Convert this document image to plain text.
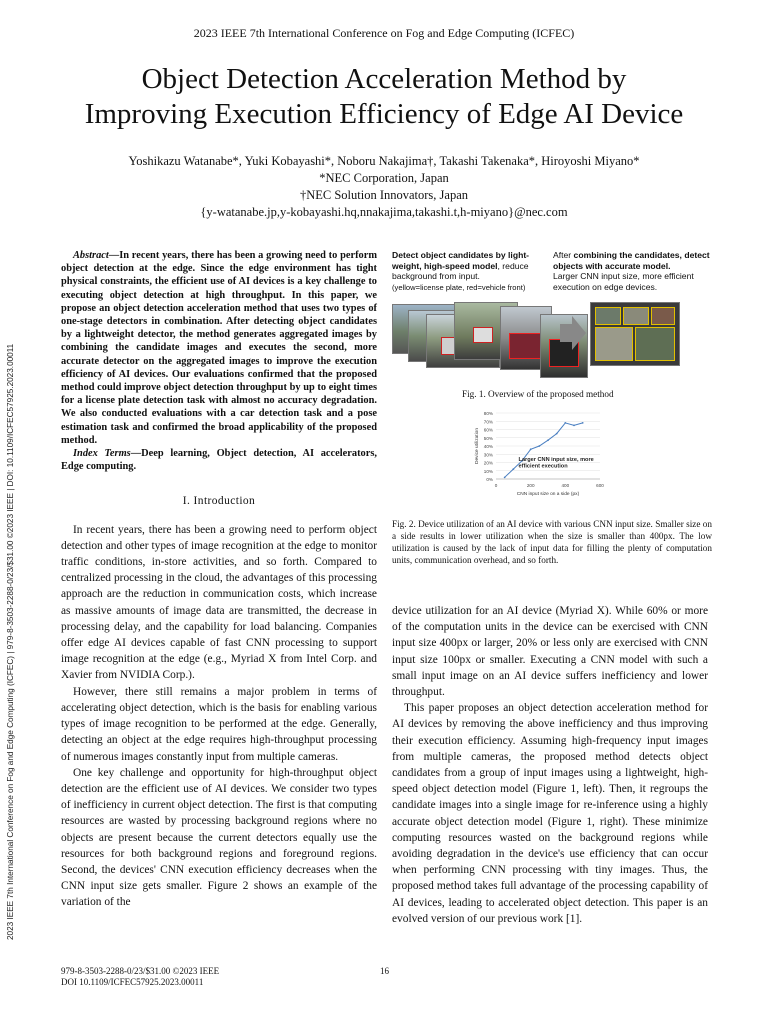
2023 IEEE 7th International Conference on Fog and Edge Computing (ICFEC)
Object Detection Acceleration Method by
Improving Execution Efficiency of Edge AI Device
Yoshikazu Watanabe*, Yuki Kobayashi*, Noboru Nakajima†, Takashi Takenaka*, Hiroyoshi Miyano*
*NEC Corporation, Japan
†NEC Solution Innovators, Japan
{y-watanabe.jp,y-kobayashi.hq,nnakajima,takashi.t,h-miyano}@nec.com
2023 IEEE 7th International Conference on Fog and Edge Computing (ICFEC) | 979-8-3503-2288-0/23/$31.00 ©2023 IEEE | DOI: 10.1109/ICFEC57925.2023.00011

Abstract—In recent years, there has been a growing need to perform object detection at the edge. Since the edge environment has tight physical constraints, the efficient use of AI devices is a key challenge to executing object detection at high throughput. In this paper, we propose an object detection acceleration method that uses two types of one-stage detectors in combination. After detecting object candidates by a lightweight detector, the method generates aggregated images by combining the candidate images and executes the second, more accurate detector on the aggregated images to improve the execution efficiency of AI devices. Our evaluations confirmed that the proposed method could improve object detection throughput by up to eight times for a license plate detection task with almost no accuracy degradation. We also conducted evaluations with a car detection task and a pose estimation task and confirmed the broad applicability of the proposed method.

Index Terms—Deep learning, Object detection, AI accelerators, Edge computing.

I. Introduction

In recent years, there has been a growing need to perform object detection and other types of image recognition at the edge to monitor traffic conditions, in-store activities, and so forth. Compared to centralized processing in the cloud, the advantages of this processing approach are the reduction in communication costs, which increase as massive amounts of image data are transmitted, the decrease in processing delay, and the capability for load balancing. Companies offer edge AI devices capable of fast CNN processing to support image recognition at the edge (e.g., Myriad X from Intel Corp. and Xavier from NVIDIA Corp.).

However, there still remains a major problem in terms of accelerating object detection, which is the basis for enabling various types of image recognition to be performed at the edge. Generally, detecting an object at the edge requires high-throughput processing of numerous images constantly input from multiple cameras.

One key challenge and opportunity for high-throughput object detection are the efficient use of AI devices. We consider two types of inefficiency in current object detection. The first is that computing resources are wasted by processing background regions where no objects are present because the current detectors equally use the resources for both background regions and foreground regions. Second, the devices' CNN execution efficiency decreases when the CNN input size gets smaller. Figure 2 shows an example of the variation of the

Detect object candidates by light-weight, high-speed model, reduce background from input.
(yellow=license plate, red=vehicle front)
After combining the candidates, detect objects with accurate model.
Larger CNN input size, more efficient execution on edge devices.
Fig. 1. Overview of the proposed method
0%
10%
20%
30%
40%
50%
60%
70%
80%
0	200	400	600
CNN input size on a side (px)
Device utilization	Larger CNN input size, more
efficient execution
Fig. 2. Device utilization of an AI device with various CNN input size. Smaller size on a side results in lower utilization when the size is smaller than 400px. The low utilization is caused by the lack of input data for filling the plenty of computation units, communication overhead, and so forth.

device utilization for an AI device (Myriad X). While 60% or more of the computation units in the device can be exercised with CNN input size 400px or larger, 20% or less only are exercised with CNN input size 100px or smaller. Executing a CNN model with such a small input image on an AI device suffers inefficiency and lower throughput.

This paper proposes an object detection acceleration method for AI devices by removing the above inefficiency and thus improving their execution efficiency. Assuming high-frequency input images from multiple cameras, the proposed method detects object candidates from a group of input images using a lightweight, high-speed object detection model (Figure 1, left). Then, it regroups the candidate images into a single image for re-inference using a highly accurate object detection model (Figure 1, right). These minimize computing resources wasted on the background regions while avoiding degradation in the device's use efficiency that can occur when performing CNN processing with tiny images. Thus, the proposed method takes full advantage of the processing capability of AI devices, leading to accelerated object detection. This paper is an evolved version of our previous work [1].

979-8-3503-2288-0/23/$31.00 ©2023 IEEE
DOI 10.1109/ICFEC57925.2023.00011
16
